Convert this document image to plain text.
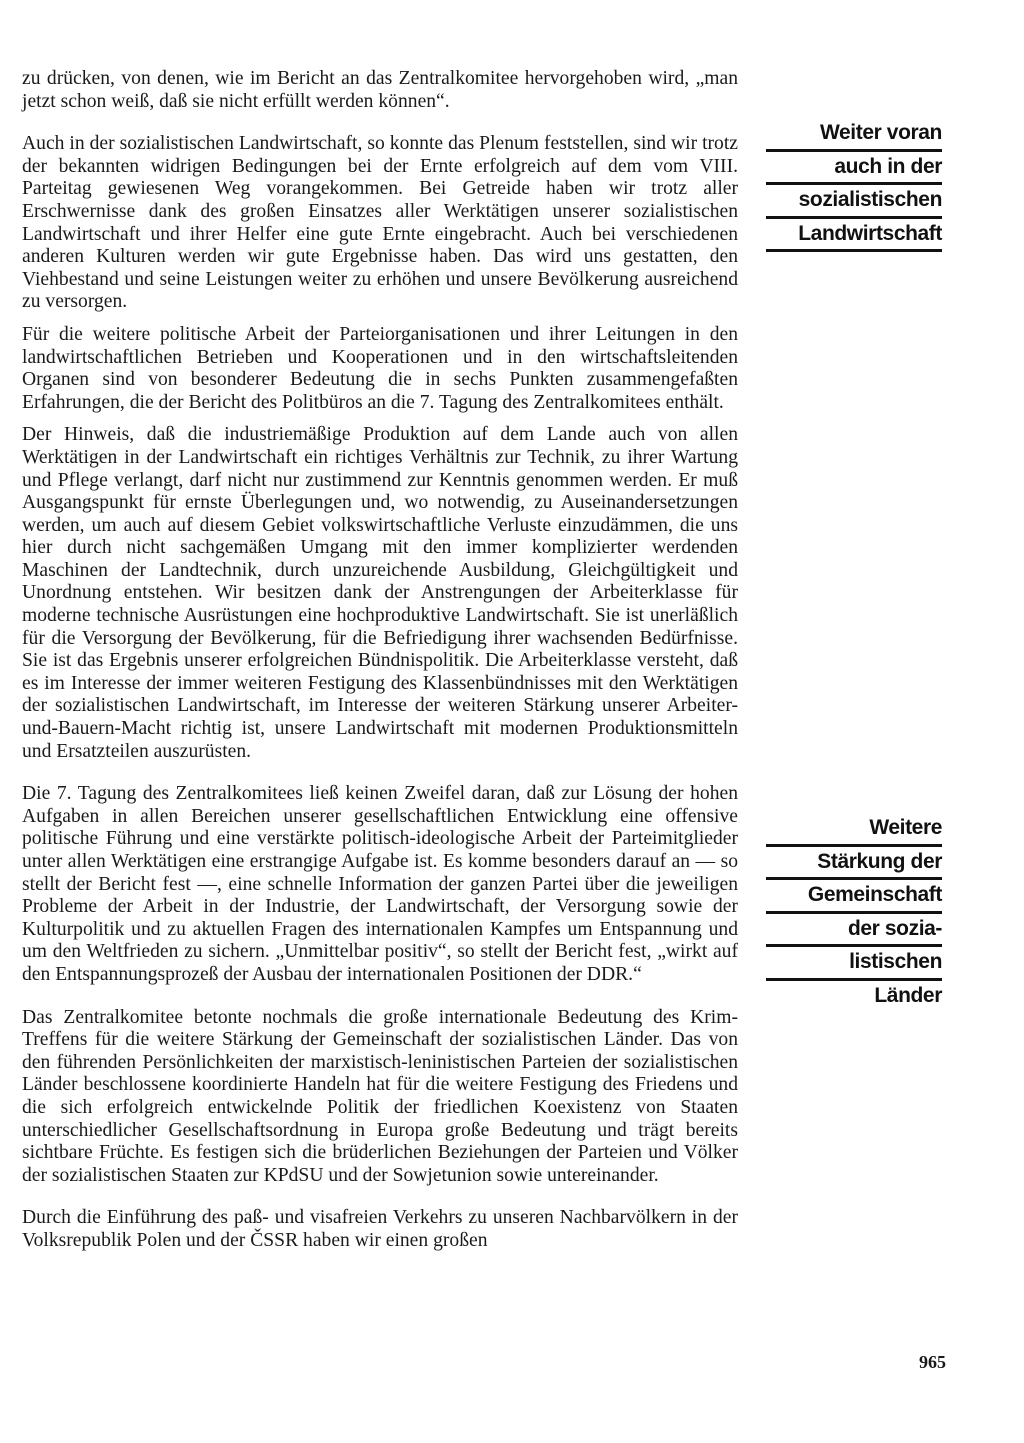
zu drücken, von denen, wie im Bericht an das Zentralkomitee hervorgehoben wird, „man jetzt schon weiß, daß sie nicht erfüllt werden können“.

Auch in der sozialistischen Landwirtschaft, so konnte das Plenum feststellen, sind wir trotz der bekannten widrigen Bedingungen bei der Ernte erfolgreich auf dem vom VIII. Parteitag gewiesenen Weg vorangekommen. Bei Getreide haben wir trotz aller Erschwernisse dank des großen Einsatzes aller Werktätigen unserer sozialistischen Landwirtschaft und ihrer Helfer eine gute Ernte eingebracht. Auch bei verschiedenen anderen Kulturen werden wir gute Ergebnisse haben. Das wird uns gestatten, den Viehbestand und seine Leistungen weiter zu erhöhen und unsere Bevölkerung ausreichend zu versorgen.

Für die weitere politische Arbeit der Parteiorganisationen und ihrer Leitungen in den landwirtschaftlichen Betrieben und Kooperationen und in den wirtschaftsleitenden Organen sind von besonderer Bedeutung die in sechs Punkten zusammengefaßten Erfahrungen, die der Bericht des Politbüros an die 7. Tagung des Zentralkomitees enthält.

Der Hinweis, daß die industriemäßige Produktion auf dem Lande auch von allen Werktätigen in der Landwirtschaft ein richtiges Verhältnis zur Technik, zu ihrer Wartung und Pflege verlangt, darf nicht nur zustimmend zur Kenntnis genommen werden. Er muß Ausgangspunkt für ernste Überlegungen und, wo notwendig, zu Auseinandersetzungen werden, um auch auf diesem Gebiet volkswirtschaftliche Verluste einzudämmen, die uns hier durch nicht sachgemäßen Umgang mit den immer komplizierter werdenden Maschinen der Landtechnik, durch unzureichende Ausbildung, Gleichgültigkeit und Unordnung entstehen. Wir besitzen dank der Anstrengungen der Arbeiterklasse für moderne technische Ausrüstungen eine hochproduktive Landwirtschaft. Sie ist unerläßlich für die Versorgung der Bevölkerung, für die Befriedigung ihrer wachsenden Bedürfnisse. Sie ist das Ergebnis unserer erfolgreichen Bündnispolitik. Die Arbeiterklasse versteht, daß es im Interesse der immer weiteren Festigung des Klassenbündnisses mit den Werktätigen der sozialistischen Landwirtschaft, im Interesse der weiteren Stärkung unserer Arbeiter-und-Bauern-Macht richtig ist, unsere Landwirtschaft mit modernen Produktionsmitteln und Ersatzteilen auszurüsten.

Die 7. Tagung des Zentralkomitees ließ keinen Zweifel daran, daß zur Lösung der hohen Aufgaben in allen Bereichen unserer gesellschaftlichen Entwicklung eine offensive politische Führung und eine verstärkte politisch-ideologische Arbeit der Parteimitglieder unter allen Werktätigen eine erstrangige Aufgabe ist. Es komme besonders darauf an — so stellt der Bericht fest —, eine schnelle Information der ganzen Partei über die jeweiligen Probleme der Arbeit in der Industrie, der Landwirtschaft, der Versorgung sowie der Kulturpolitik und zu aktuellen Fragen des internationalen Kampfes um Entspannung und um den Weltfrieden zu sichern. „Unmittelbar positiv“, so stellt der Bericht fest, „wirkt auf den Entspannungsprozeß der Ausbau der internationalen Positionen der DDR.“

Das Zentralkomitee betonte nochmals die große internationale Bedeutung des Krim-Treffens für die weitere Stärkung der Gemeinschaft der sozialistischen Länder. Das von den führenden Persönlichkeiten der marxistisch-leninistischen Parteien der sozialistischen Länder beschlossene koordinierte Handeln hat für die weitere Festigung des Friedens und die sich erfolgreich entwickelnde Politik der friedlichen Koexistenz von Staaten unterschiedlicher Gesellschaftsordnung in Europa große Bedeutung und trägt bereits sichtbare Früchte. Es festigen sich die brüderlichen Beziehungen der Parteien und Völker der sozialistischen Staaten zur KPdSU und der Sowjetunion sowie untereinander.

Durch die Einführung des paß- und visafreien Verkehrs zu unseren Nachbarvölkern in der Volksrepublik Polen und der ČSSR haben wir einen großen

Weiter voran
auch in der
sozialistischen
Landwirtschaft
Weitere
Stärkung der
Gemeinschaft
der sozia-
listischen
Länder
965
